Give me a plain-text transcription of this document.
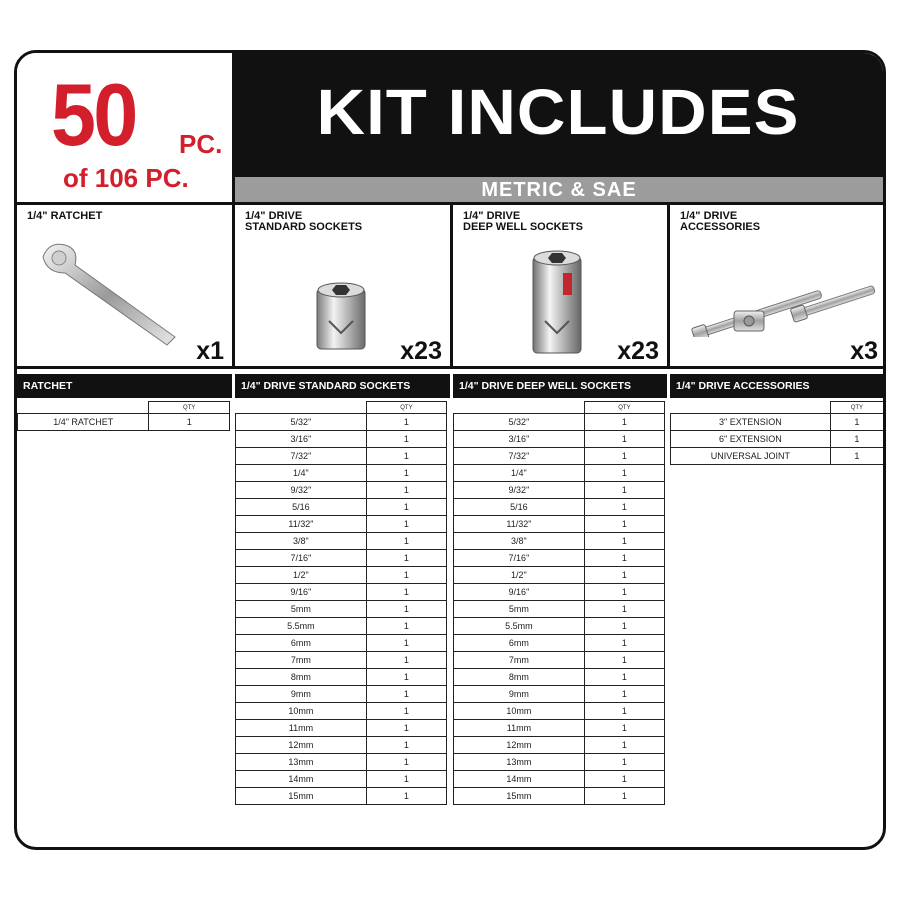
50 PC.
of 106 PC.
KIT INCLUDES
METRIC & SAE
1/4" RATCHET
x1
1/4" DRIVE
STANDARD SOCKETS
x23
1/4" DRIVE
DEEP WELL SOCKETS
x23
1/4" DRIVE
ACCESSORIES
x3
RATCHET	1/4" DRIVE STANDARD SOCKETS	1/4" DRIVE DEEP WELL SOCKETS	1/4" DRIVE ACCESSORIES
	QTY
1/4" RATCHET	1
	QTY
5/32"	1
3/16"	1
7/32"	1
1/4"	1
9/32"	1
5/16	1
11/32"	1
3/8"	1
7/16"	1
1/2"	1
9/16"	1
5mm	1
5.5mm	1
6mm	1
7mm	1
8mm	1
9mm	1
10mm	1
11mm	1
12mm	1
13mm	1
14mm	1
15mm	1
	QTY
5/32"	1
3/16"	1
7/32"	1
1/4"	1
9/32"	1
5/16	1
11/32"	1
3/8"	1
7/16"	1
1/2"	1
9/16"	1
5mm	1
5.5mm	1
6mm	1
7mm	1
8mm	1
9mm	1
10mm	1
11mm	1
12mm	1
13mm	1
14mm	1
15mm	1
	QTY
3" EXTENSION	1
6" EXTENSION	1
UNIVERSAL JOINT	1
